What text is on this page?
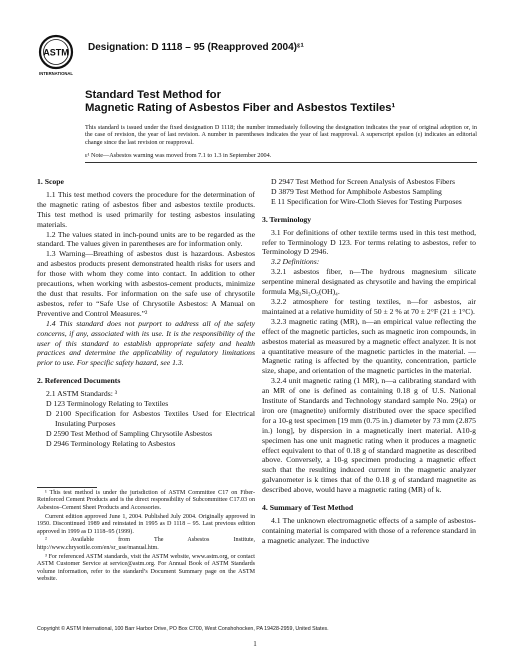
ASTM
INTERNATIONAL
Designation: D 1118 – 95 (Reapproved 2004)ᵋ¹
Standard Test Method for
Magnetic Rating of Asbestos Fiber and Asbestos Textiles¹
This standard is issued under the fixed designation D 1118; the number immediately following the designation indicates the year of original adoption or, in the case of revision, the year of last revision. A number in parentheses indicates the year of last reapproval. A superscript epsilon (ε) indicates an editorial change since the last revision or reapproval.
ε¹ Note—Asbestos warning was moved from 7.1 to 1.3 in September 2004.

1. Scope

1.1 This test method covers the procedure for the determination of the magnetic rating of asbestos fiber and asbestos textile products. This test method is used primarily for testing asbestos insulating materials.

1.2 The values stated in inch-pound units are to be regarded as the standard. The values given in parentheses are for information only.

1.3 Warning—Breathing of asbestos dust is hazardous. Asbestos and asbestos products present demonstrated health risks for users and for those with whom they come into contact. In addition to other precautions, when working with asbestos-cement products, minimize the dust that results. For information on the safe use of chrysotile asbestos, refer to “Safe Use of Chrysotile Asbestos: A Manual on Preventive and Control Measures.”²

1.4 This standard does not purport to address all of the safety concerns, if any, associated with its use. It is the responsibility of the user of this standard to establish appropriate safety and health practices and determine the applicability of regulatory limitations prior to use. For specific safety hazard, see 1.3.

2. Referenced Documents

2.1 ASTM Standards: ³

D 123 Terminology Relating to Textiles

D 2100 Specification for Asbestos Textiles Used for Electrical Insulating Purposes

D 2590 Test Method of Sampling Chrysotile Asbestos

D 2946 Terminology Relating to Asbestos

¹ This test method is under the jurisdiction of ASTM Committee C17 on Fiber-Reinforced Cement Products and is the direct responsibility of Subcommittee C17.03 on Asbestos–Cement Sheet Products and Accessories.

Current edition approved June 1, 2004. Published July 2004. Originally approved in 1950. Discontinued 1989 and reinstated in 1995 as D 1118 – 95. Last previous edition approved in 1999 as D 1118–95 (1999).

² Available from The Asbestos Institute, http://www.chrysotile.com/en/sr_use/manual.htm.

³ For referenced ASTM standards, visit the ASTM website, www.astm.org, or contact ASTM Customer Service at service@astm.org. For Annual Book of ASTM Standards volume information, refer to the standard’s Document Summary page on the ASTM website.

D 2947 Test Method for Screen Analysis of Asbestos Fibers

D 3879 Test Method for Amphibole Asbestos Sampling

E 11 Specification for Wire-Cloth Sieves for Testing Purposes

3. Terminology

3.1 For definitions of other textile terms used in this test method, refer to Terminology D 123. For terms relating to asbestos, refer to Terminology D 2946.

3.2 Definitions:

3.2.1 asbestos fiber, n—The hydrous magnesium silicate serpentine mineral designated as chrysotile and having the empirical formula Mg₃Si₂O₅(OH)₄.

3.2.2 atmosphere for testing textiles, n—for asbestos, air maintained at a relative humidity of 50 ± 2 % at 70 ± 2°F (21 ± 1°C).

3.2.3 magnetic rating (MR), n—an empirical value reflecting the effect of the magnetic particles, such as magnetic iron compounds, in asbestos material as measured by a magnetic effect analyzer. It is not a quantitative measure of the magnetic particles in the material. — Magnetic rating is affected by the quantity, concentration, particle size, shape, and orientation of the magnetic particles in the material.

3.2.4 unit magnetic rating (1 MR), n—a calibrating standard with an MR of one is defined as containing 0.18 g of U.S. National Institute of Standards and Technology standard sample No. 29(a) or iron ore (magnetite) uniformly distributed over the space specified for a 10-g test specimen [19 mm (0.75 in.) diameter by 73 mm (2.875 in.) long], by dispersion in a magnetically inert material. A10-g specimen has one unit magnetic rating when it produces a magnetic effect equivalent to that of 0.18 g of standard magnetite as described above. Conversely, a 10-g specimen producing a magnetic effect such that the resulting induced current in the magnetic analyzer galvanometer is k times that of the 0.18 g of standard magnetite as described above, would have a magnetic rating (MR) of k.

4. Summary of Test Method

4.1 The unknown electromagnetic effects of a sample of asbestos-containing material is compared with those of a reference standard in a magnetic analyzer. The inductive

Copyright © ASTM International, 100 Barr Harbor Drive, PO Box C700, West Conshohocken, PA 19428-2959, United States.
1
